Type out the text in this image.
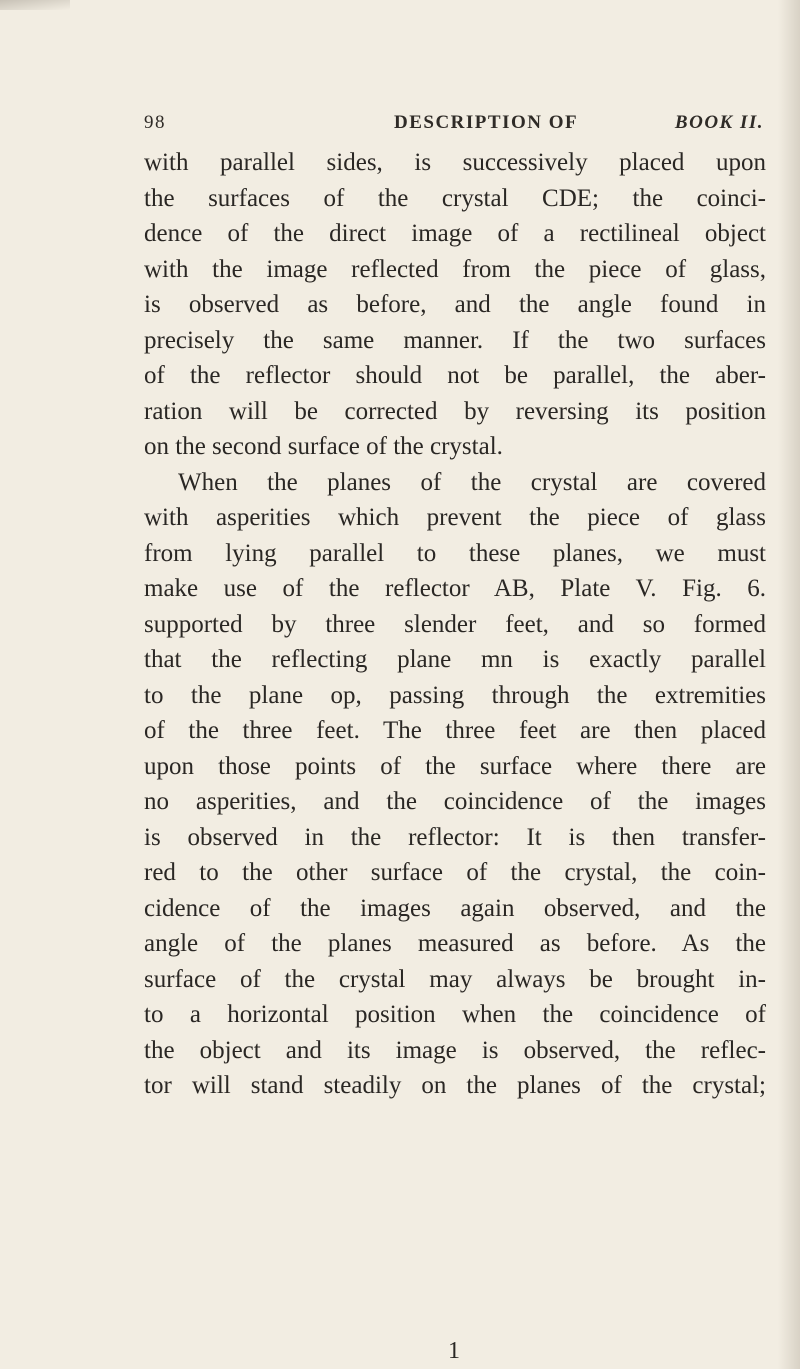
98	DESCRIPTION OF	BOOK II.
with parallel sides, is successively placed upon
the surfaces of the crystal CDE; the coinci-
dence of the direct image of a rectilineal object
with the image reflected from the piece of glass,
is observed as before, and the angle found in
precisely the same manner. If the two surfaces
of the reflector should not be parallel, the aber-
ration will be corrected by reversing its position
on the second surface of the crystal.
When the planes of the crystal are covered
with asperities which prevent the piece of glass
from lying parallel to these planes, we must
make use of the reflector AB, Plate V. Fig. 6.
supported by three slender feet, and so formed
that the reflecting plane mn is exactly parallel
to the plane op, passing through the extremities
of the three feet. The three feet are then placed
upon those points of the surface where there are
no asperities, and the coincidence of the images
is observed in the reflector: It is then transfer-
red to the other surface of the crystal, the coin-
cidence of the images again observed, and the
angle of the planes measured as before. As the
surface of the crystal may always be brought in-
to a horizontal position when the coincidence of
the object and its image is observed, the reflec-
tor will stand steadily on the planes of the crystal;
1
